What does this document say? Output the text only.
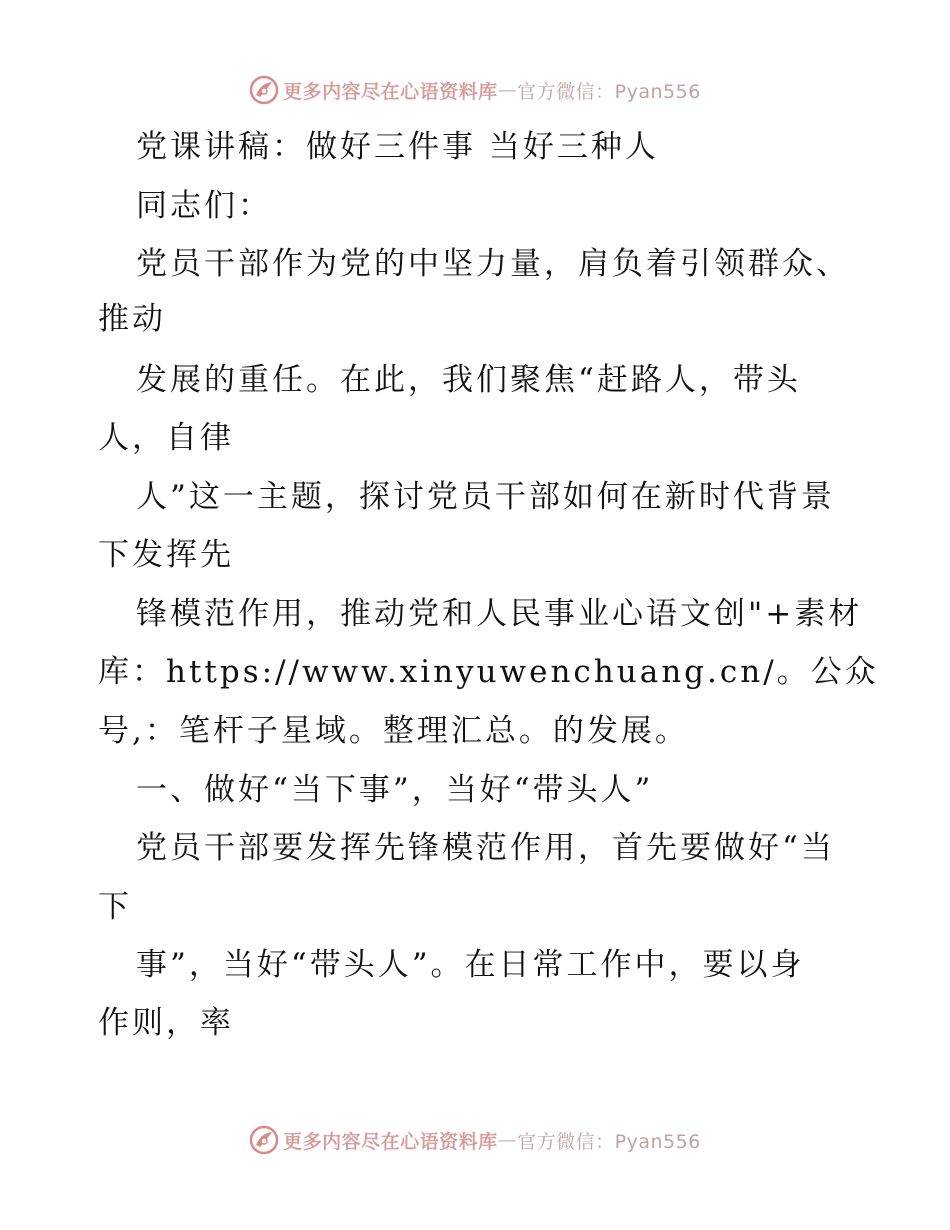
更多内容尽在心语资料库 — 官方微信：Pyan556
党课讲稿：做好三件事 当好三种人
同志们：
党员干部作为党的中坚力量，肩负着引领群众、
推动
发展的重任。在此，我们聚焦“赶路人，带头
人，自律
人”这一主题，探讨党员干部如何在新时代背景
下发挥先
锋模范作用，推动党和人民事业心语文创"+素材
库：https://www.xinyuwenchuang.cn/。公众
号,：笔杆子星域。整理汇总。的发展。
一、做好“当下事”，当好“带头人”
党员干部要发挥先锋模范作用，首先要做好“当
下
事”，当好“带头人”。在日常工作中，要以身
作则，率
更多内容尽在心语资料库 — 官方微信：Pyan556
